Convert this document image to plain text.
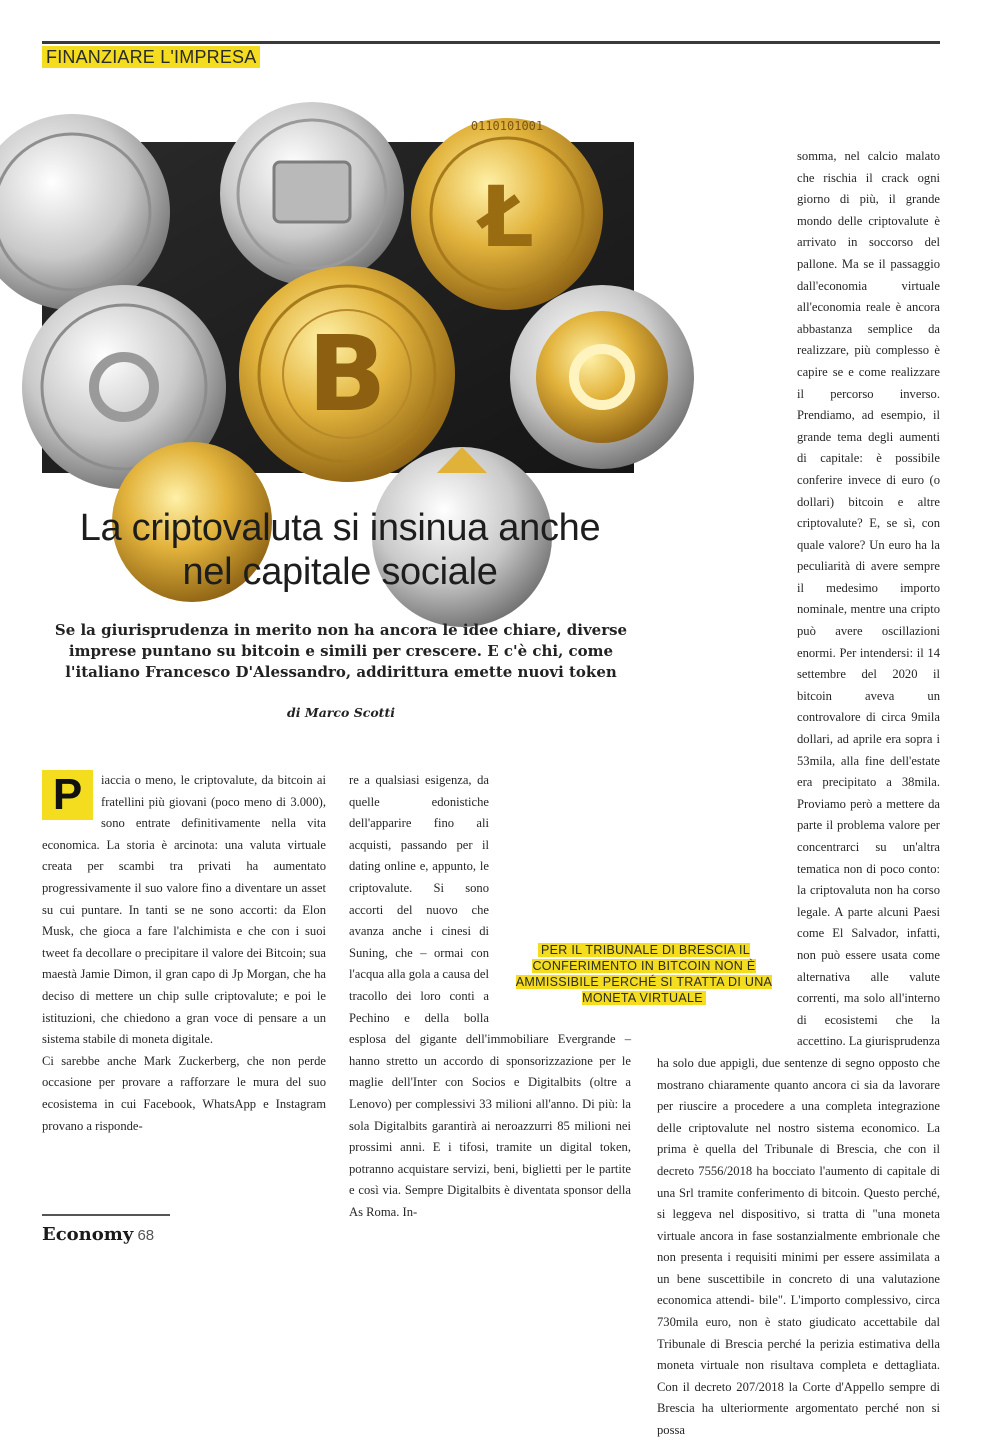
FINANZIARE L'IMPRESA
Ł
0110101001
B
La criptovaluta si insinua anche nel capitale sociale

Se la giurisprudenza in merito non ha ancora le idee chiare, diverse imprese puntano su bitcoin e simili per crescere. E c'è chi, come l'italiano Francesco D'Alessandro, addirittura emette nuovi token

di Marco Scotti

P	iaccia o meno, le criptovalute, da bitcoin ai fratellini più giovani (poco meno di 3.000), sono entrate definitivamente nella vita economica. La storia è arcinota: una valuta virtuale creata per scambi tra privati ha aumentato progressivamente il suo valore fino a diventare un asset su cui puntare. In tanti se ne sono accorti: da Elon Musk, che gioca a fare l'alchimista e che con i suoi tweet fa decollare o precipitare il valore dei Bitcoin; sua maestà Jamie Dimon, il gran capo di Jp Morgan, che ha deciso di mettere un chip sulle criptovalute; e poi le istituzioni, che chiedono a gran voce di pensare a un sistema stabile di moneta digitale.

Ci sarebbe anche Mark Zuckerberg, che non perde occasione per provare a rafforzare le mura del suo ecosistema in cui Facebook, WhatsApp e Instagram provano a risponde-

re a qualsiasi esigenza, da quelle edonistiche dell'apparire fino ali acquisti, passando per il dating online e, appunto, le criptovalute. Si sono accorti del nuovo che avanza anche i cinesi di Suning, che – ormai con l'acqua alla gola a causa del tracollo dei loro conti a Pechino e della bolla esplosa del gigante dell'immobiliare Evergrande – hanno stretto un accordo di sponsorizzazione per le maglie dell'Inter con Socios e Digitalbits (oltre a Lenovo) per complessivi 33 milioni all'anno. Di più: la sola Digitalbits garantirà ai neroazzurri 85 milioni nei prossimi anni. E i tifosi, tramite un digital token, potranno acquistare servizi, beni, biglietti per le partite e così via. Sempre Digitalbits è diventata sponsor della As Roma. In-

somma, nel calcio malato che rischia il crack ogni giorno di più, il grande mondo delle criptovalute è arrivato in soccorso del pallone. Ma se il passaggio dall'economia virtuale all'economia reale è ancora abbastanza semplice da realizzare, più complesso è capire se e come realizzare il percorso inverso. Prendiamo, ad esempio, il grande tema degli aumenti di capitale: è possibile conferire invece di euro (o dollari) bitcoin e altre criptovalute? E, se sì, con quale valore? Un euro ha la peculiarità di avere sempre il medesimo importo nominale, mentre una cripto può avere oscillazioni enormi. Per intendersi: il 14 settembre del 2020 il bitcoin aveva un controvalore di circa 9mila dollari, ad aprile era sopra i 53mila, alla fine dell'estate era precipitato a 38mila. Proviamo però a mettere da parte il problema valore per concentrarci su un'altra tematica non di poco conto: la criptovaluta non ha corso legale. A parte alcuni Paesi come El Salvador, infatti, non può essere usata come alternativa alle valute correnti, ma solo all'interno di ecosistemi che la accettino. La giurisprudenza ha solo due appigli, due sentenze di segno opposto che mostrano chiaramente quanto ancora ci sia da lavorare per riuscire a procedere a una completa integrazione delle criptovalute nel nostro sistema economico. La prima è quella del Tribunale di Brescia, che con il decreto 7556/2018 ha bocciato l'aumento di capitale di una Srl tramite conferimento di bitcoin. Questo perché, si leggeva nel dispositivo, si tratta di "una moneta virtuale ancora in fase sostanzialmente embrionale che non presenta i requisiti minimi per essere assimilata a un bene suscettibile in concreto di una valutazione economica attendi- bile". L'importo complessivo, circa 730mila euro, non è stato giudicato accettabile dal Tribunale di Brescia perché la perizia estimativa della moneta virtuale non risultava completa e dettagliata. Con il decreto 207/2018 la Corte d'Appello sempre di Brescia ha ulteriormente argomentato perché non si possa

PER IL TRIBUNALE DI BRESCIA IL CONFERIMENTO IN BITCOIN NON È AMMISSIBILE PERCHÉ SI TRATTA DI UNA MONETA VIRTUALE
Economy 68
